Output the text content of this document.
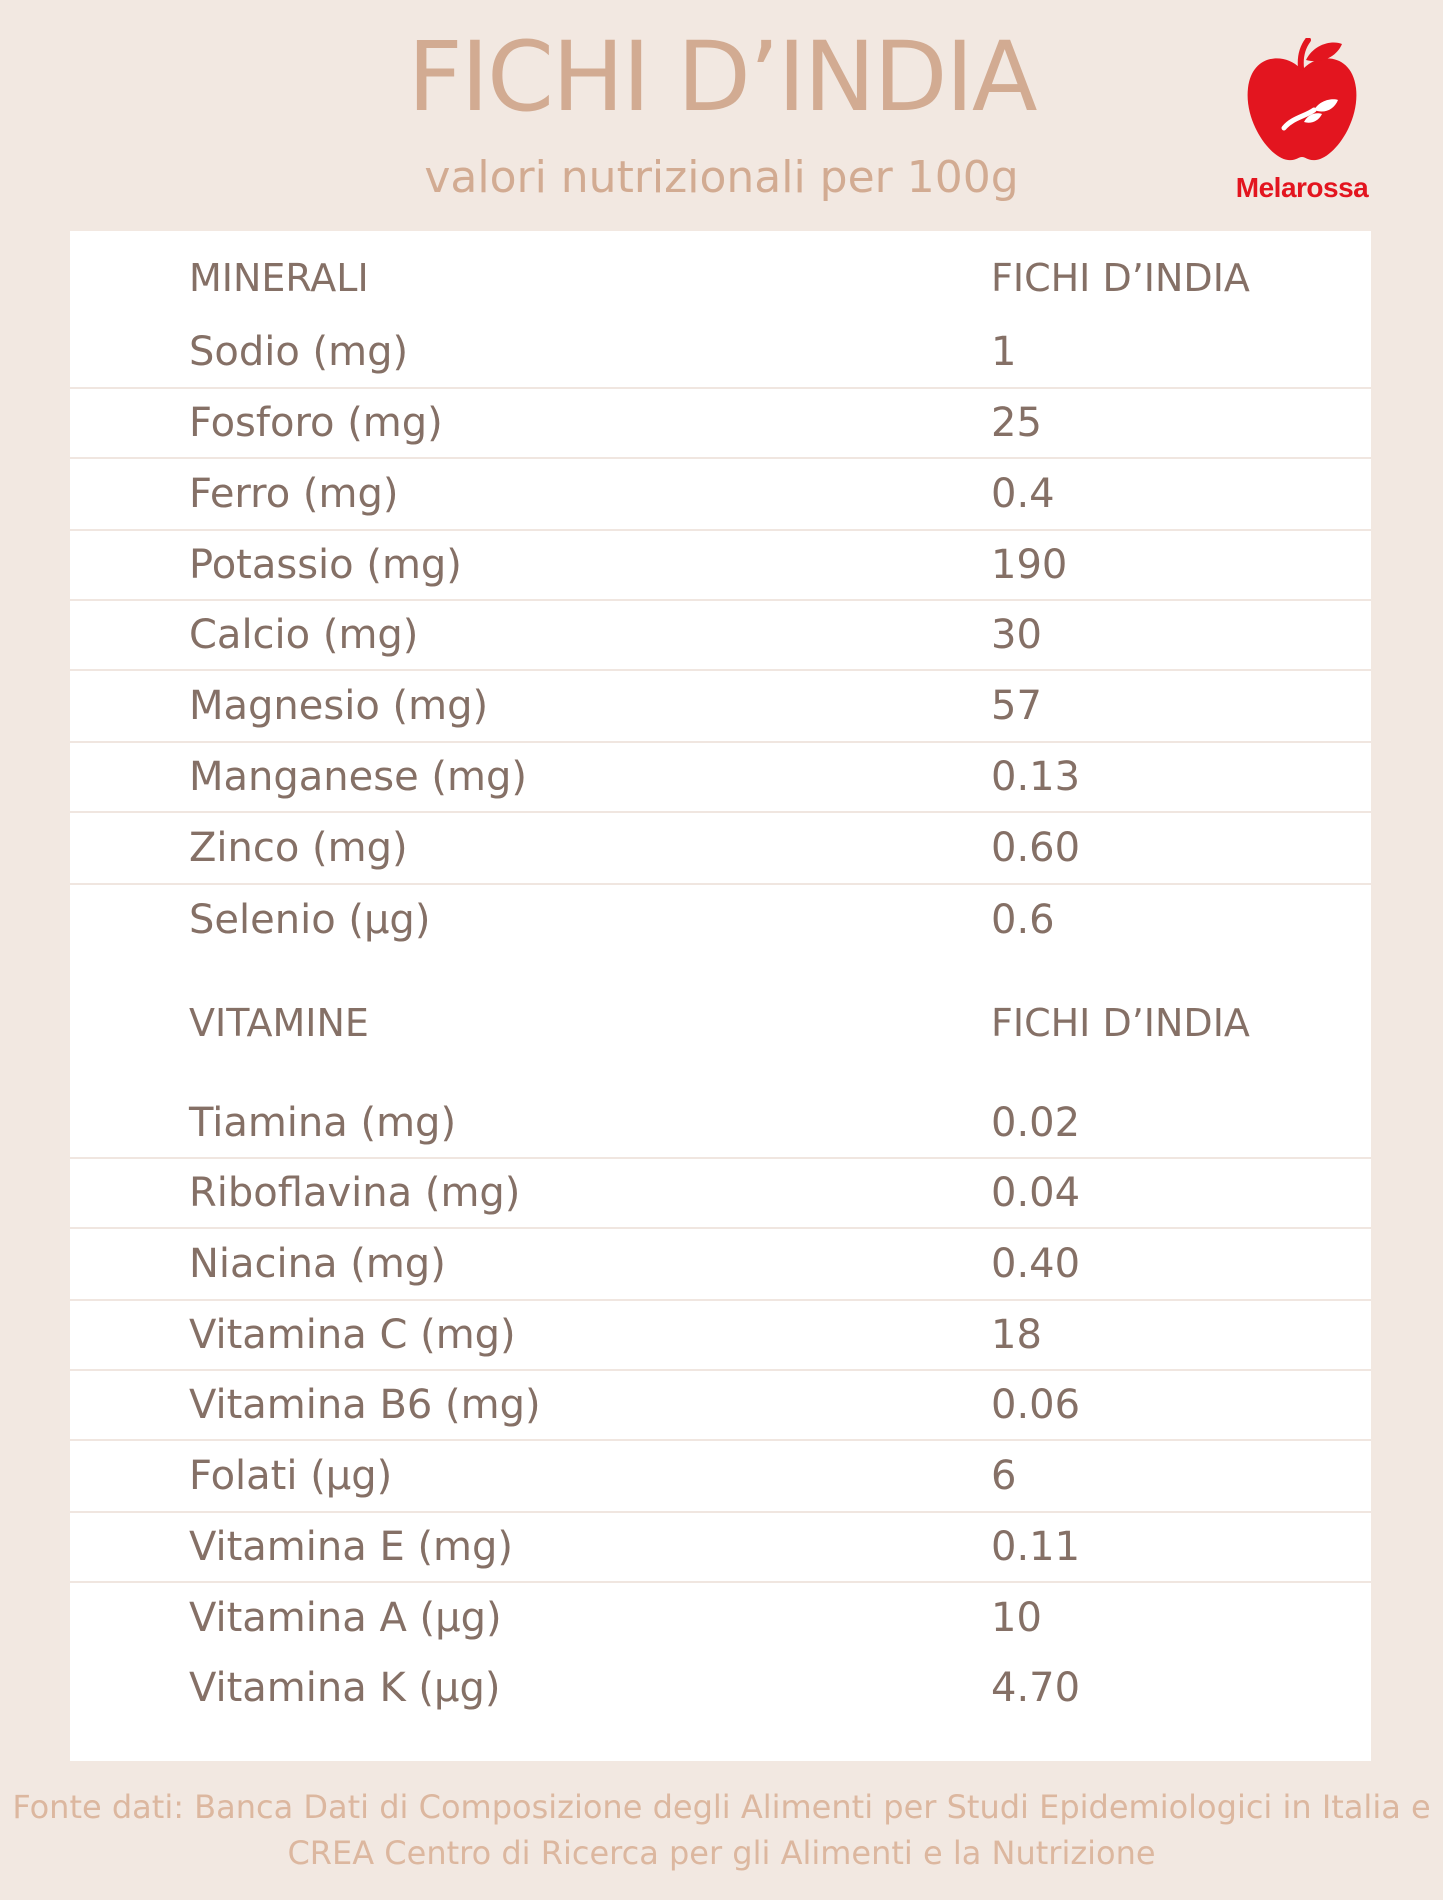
FICHI D’INDIA
valori nutrizionali per 100g	Melarossa
MINERALI	FICHI D’INDIA
Sodio (mg)	1
Fosforo (mg)	25
Ferro (mg)	0.4
Potassio (mg)	190
Calcio (mg)	30
Magnesio (mg)	57
Manganese (mg)	0.13
Zinco (mg)	0.60
Selenio (µg)	0.6
VITAMINE	FICHI D’INDIA
Tiamina (mg)	0.02
Riboflavina (mg)	0.04
Niacina (mg)	0.40
Vitamina C (mg)	18
Vitamina B6 (mg)	0.06
Folati (µg)	6
Vitamina E (mg)	0.11
Vitamina A (µg)	10
Vitamina K (µg)	4.70
Fonte dati: Banca Dati di Composizione degli Alimenti per Studi Epidemiologici in Italia e
CREA Centro di Ricerca per gli Alimenti e la Nutrizione
